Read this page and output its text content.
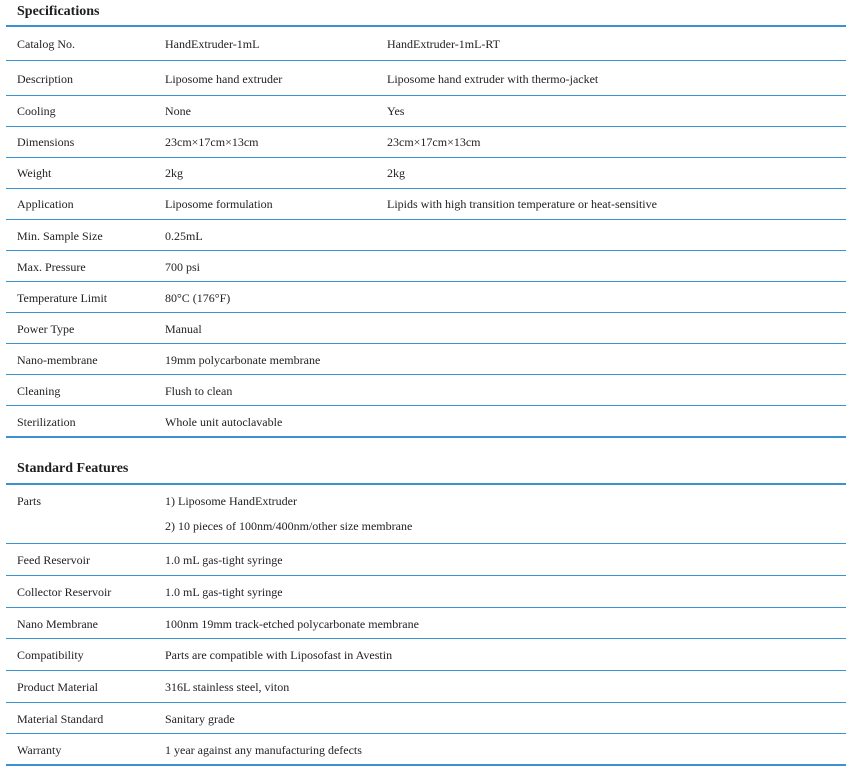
Specifications
Catalog No.	HandExtruder-1mL	HandExtruder-1mL-RT
Description	Liposome hand extruder	Liposome hand extruder with thermo-jacket
Cooling	None	Yes
Dimensions	23cm×17cm×13cm	23cm×17cm×13cm
Weight	2kg	2kg
Application	Liposome formulation	Lipids with high transition temperature or heat-sensitive
Min. Sample Size	0.25mL
Max. Pressure	700 psi
Temperature Limit	80°C (176°F)
Power Type	Manual
Nano-membrane	19mm polycarbonate membrane
Cleaning	Flush to clean
Sterilization	Whole unit autoclavable
Standard Features
Parts	1) Liposome HandExtruder
2) 10 pieces of 100nm/400nm/other size membrane
Feed Reservoir	1.0 mL gas-tight syringe
Collector Reservoir	1.0 mL gas-tight syringe
Nano Membrane	100nm 19mm track-etched polycarbonate membrane
Compatibility	Parts are compatible with Liposofast in Avestin
Product Material	316L stainless steel, viton
Material Standard	Sanitary grade
Warranty	1 year against any manufacturing defects
